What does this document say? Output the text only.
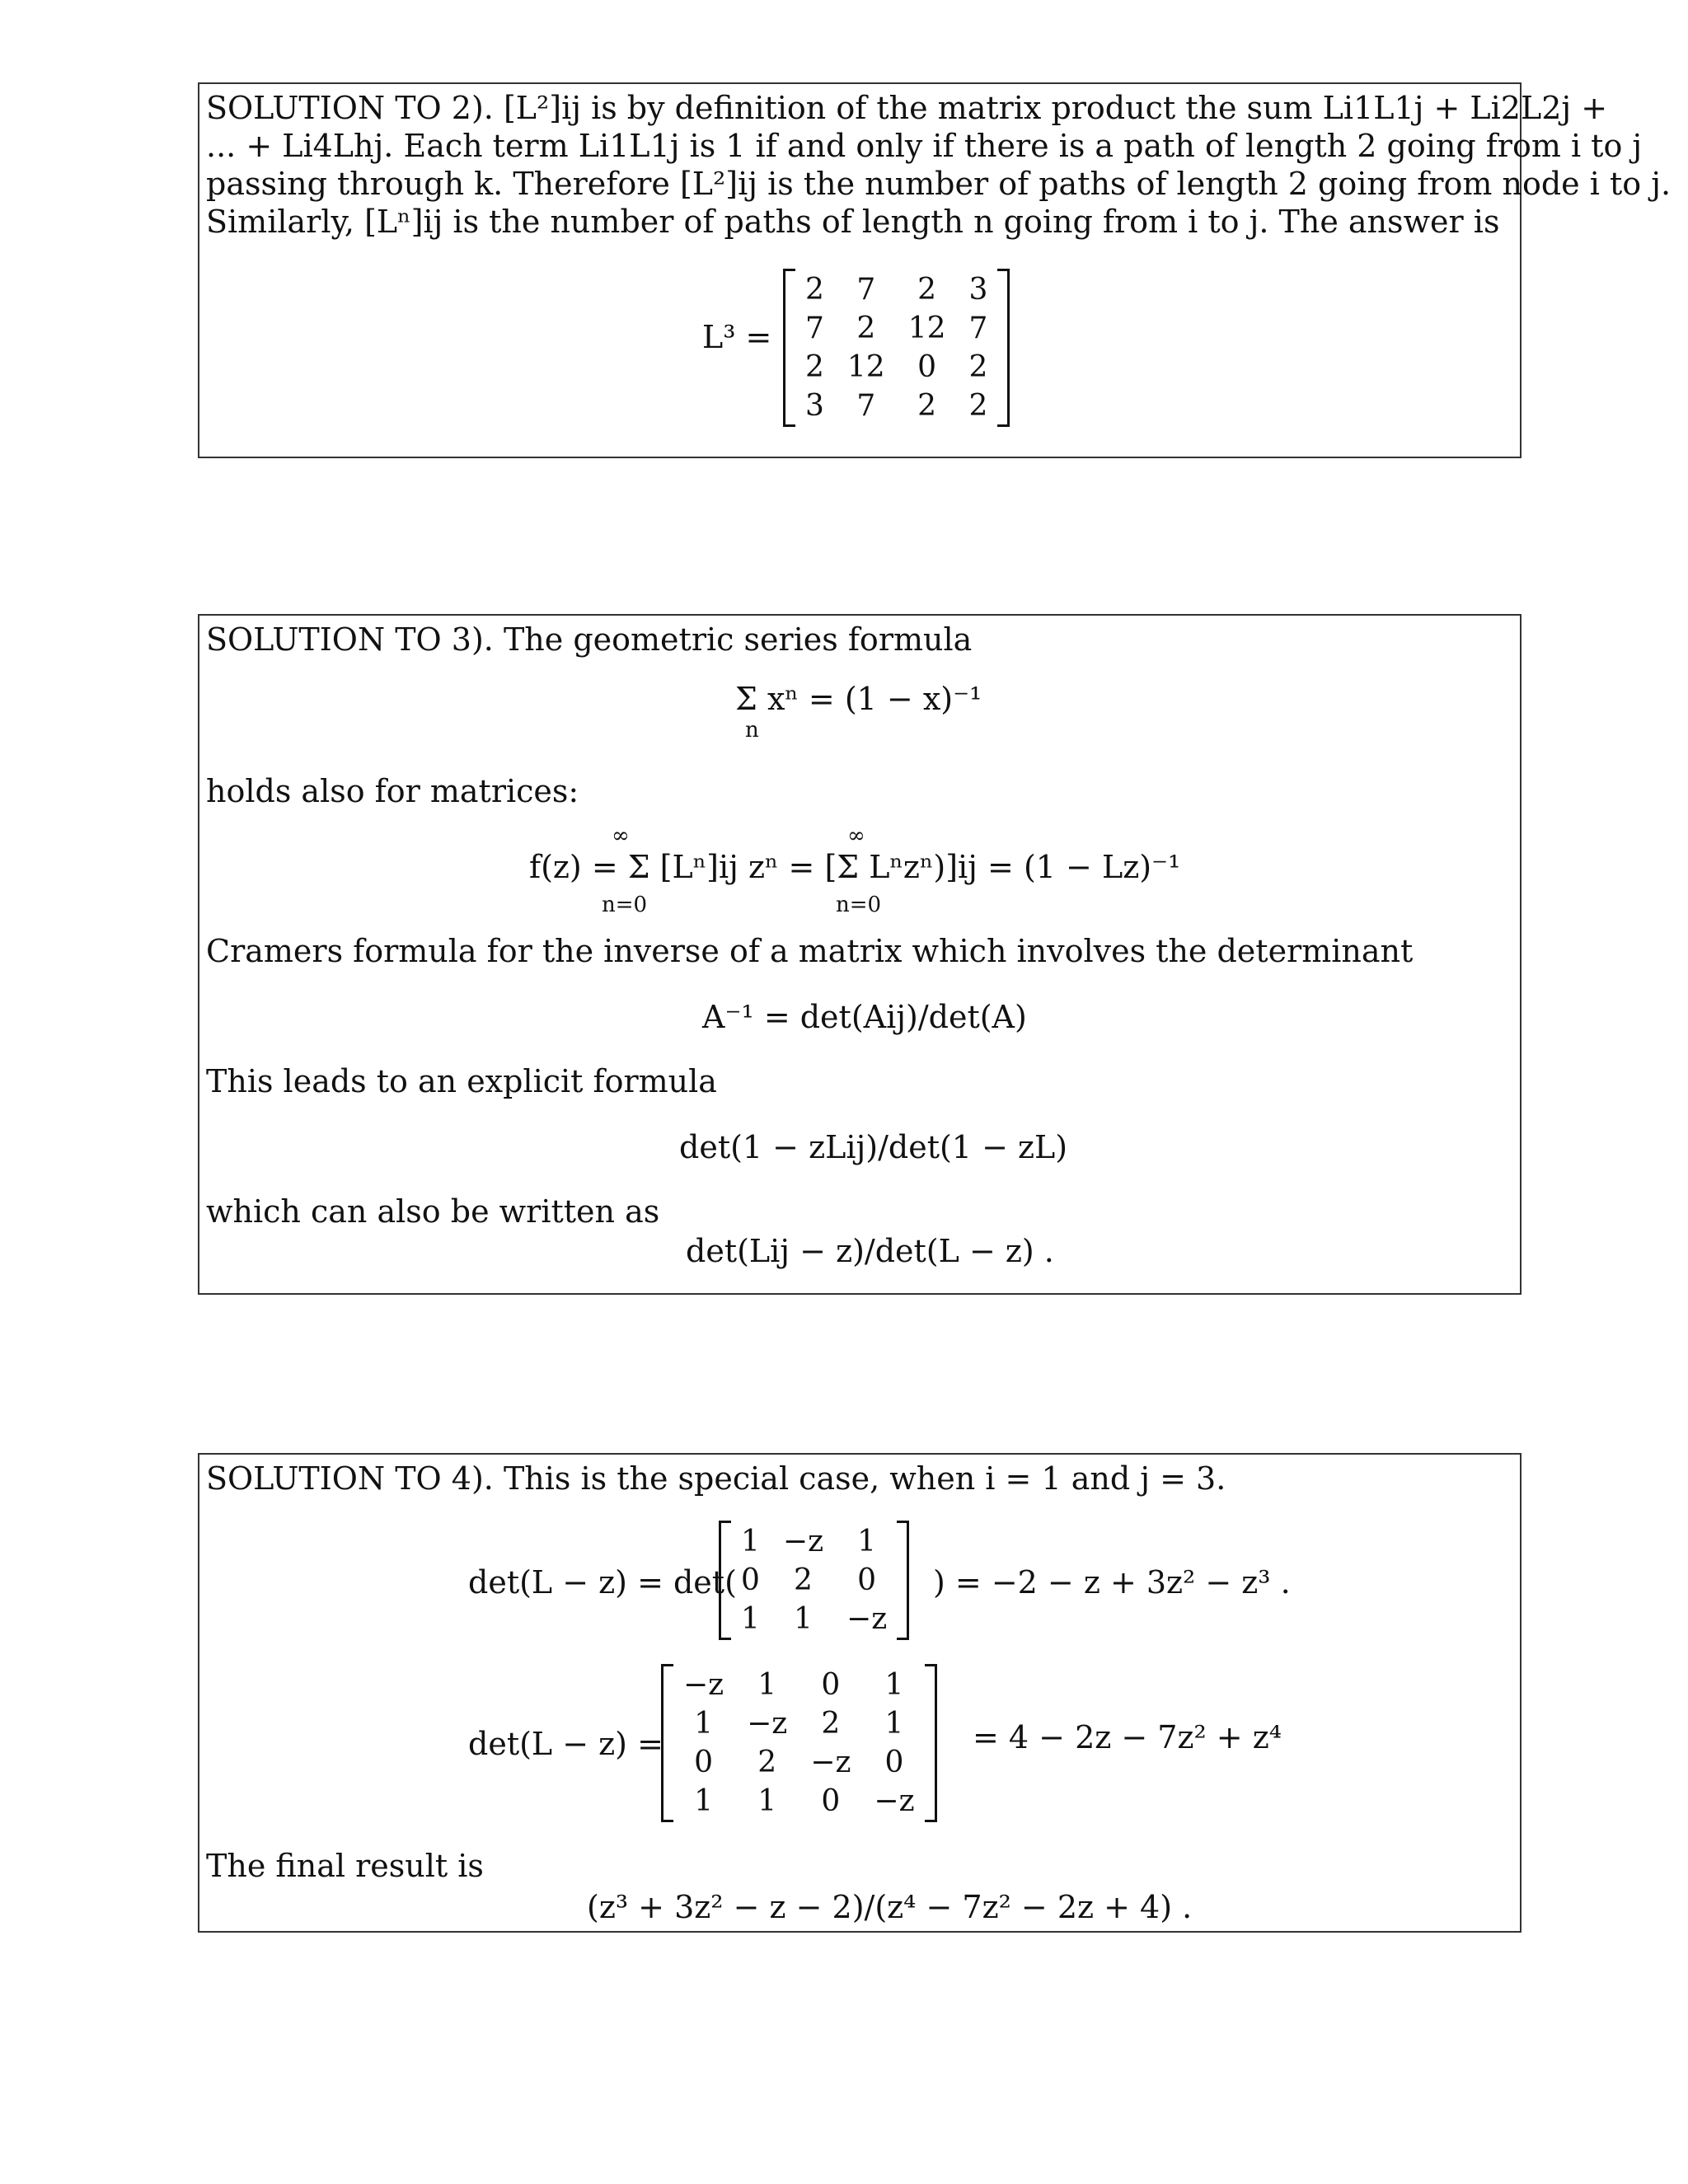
SOLUTION TO 2). [L²]ij is by definition of the matrix product the sum Li1L1j + Li2L2j +
... + Li4Lhj. Each term Li1L1j is 1 if and only if there is a path of length 2 going from i to j
passing through k. Therefore [L²]ij is the number of paths of length 2 going from node i to j.
Similarly, [Lⁿ]ij is the number of paths of length n going from i to j. The answer is
L³ =
2	7	2	3
7	2	12	7
2	12	0	2
3	7	2	2
SOLUTION TO 3). The geometric series formula
Σ xⁿ = (1 − x)⁻¹
n
holds also for matrices:
∞	∞
f(z) = Σ [Lⁿ]ij zⁿ = [Σ Lⁿzⁿ)]ij = (1 − Lz)⁻¹
n=0	n=0
Cramers formula for the inverse of a matrix which involves the determinant
A⁻¹ = det(Aij)/det(A)
This leads to an explicit formula
det(1 − zLij)/det(1 − zL)
which can also be written as
det(Lij − z)/det(L − z) .
SOLUTION TO 4). This is the special case, when i = 1 and j = 3.
det(L − z) = det(
1	−z	1
0	2	0
1	1	−z
) = −2 − z + 3z² − z³ .
det(L − z) =
−z	1	0	1
1	−z	2	1
0	2	−z	0
1	1	0	−z
= 4 − 2z − 7z² + z⁴
The final result is
(z³ + 3z² − z − 2)/(z⁴ − 7z² − 2z + 4) .
